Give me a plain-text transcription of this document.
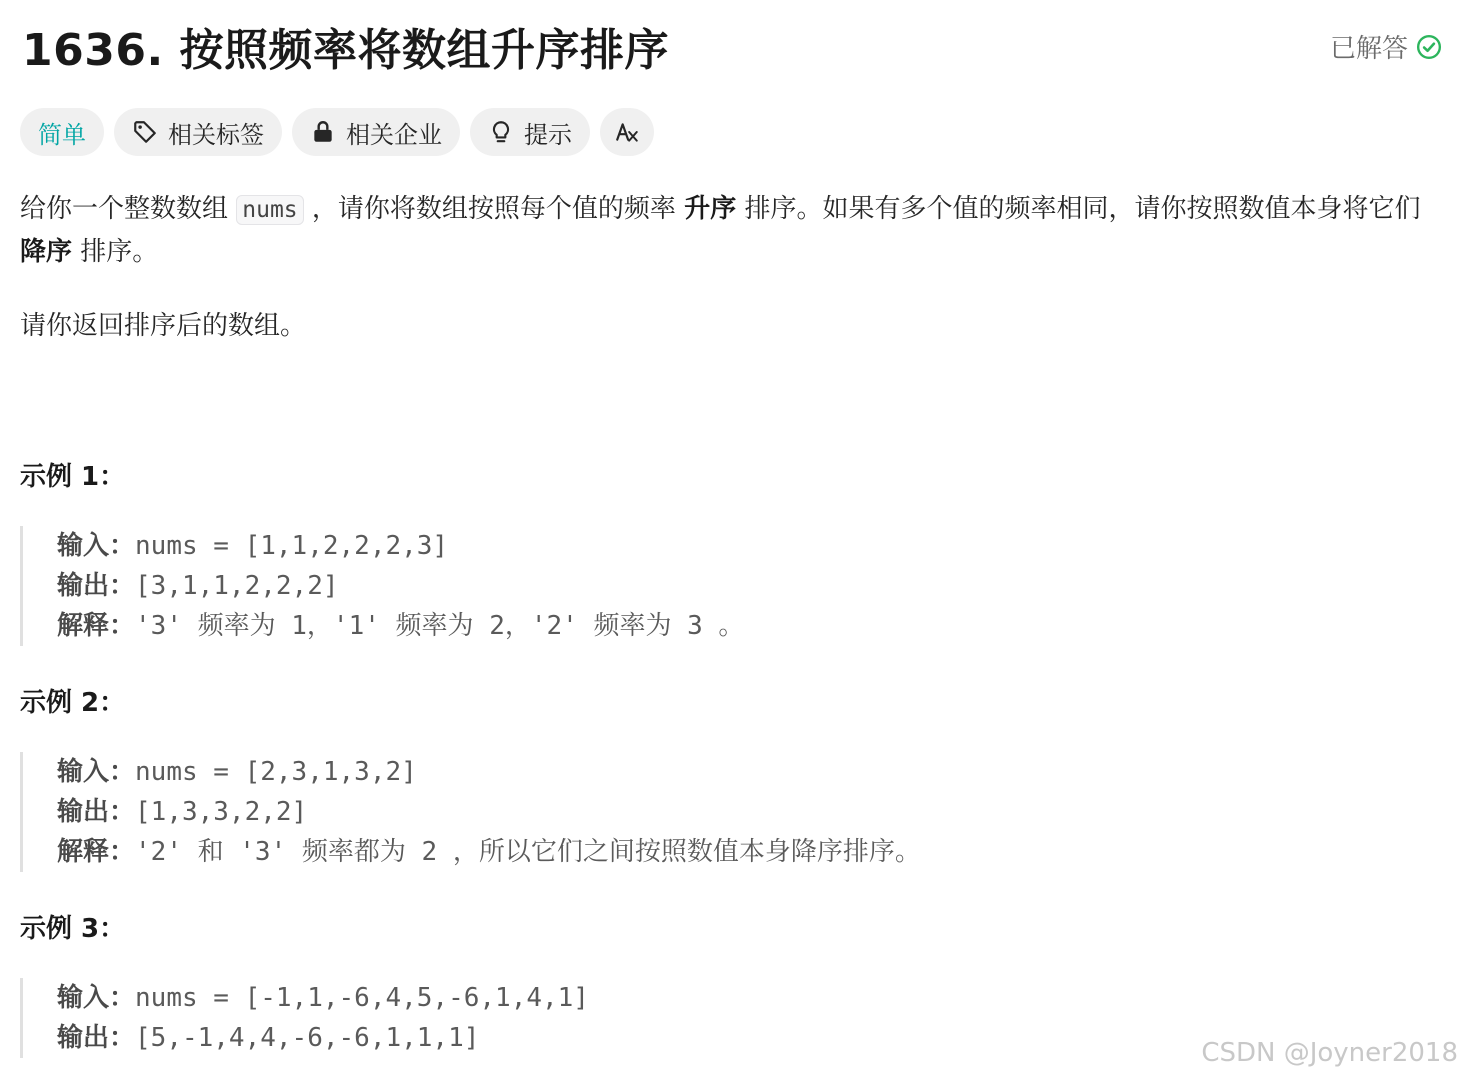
1636. 按照频率将数组升序排序	已解答
简单	相关标签	相关企业	提示
给你一个整数数组 nums ，请你将数组按照每个值的频率 升序 排序。如果有多个值的频率相同，请你按照数值本身将它们 降序 排序。
请你返回排序后的数组。
示例 1：
输入：nums = [1,1,2,2,2,3]
输出：[3,1,1,2,2,2]
解释：'3' 频率为 1，'1' 频率为 2，'2' 频率为 3 。
示例 2：
输入：nums = [2,3,1,3,2]
输出：[1,3,3,2,2]
解释：'2' 和 '3' 频率都为 2 ，所以它们之间按照数值本身降序排序。
示例 3：
输入：nums = [-1,1,-6,4,5,-6,1,4,1]
输出：[5,-1,4,4,-6,-6,1,1,1]	CSDN @Joyner2018
